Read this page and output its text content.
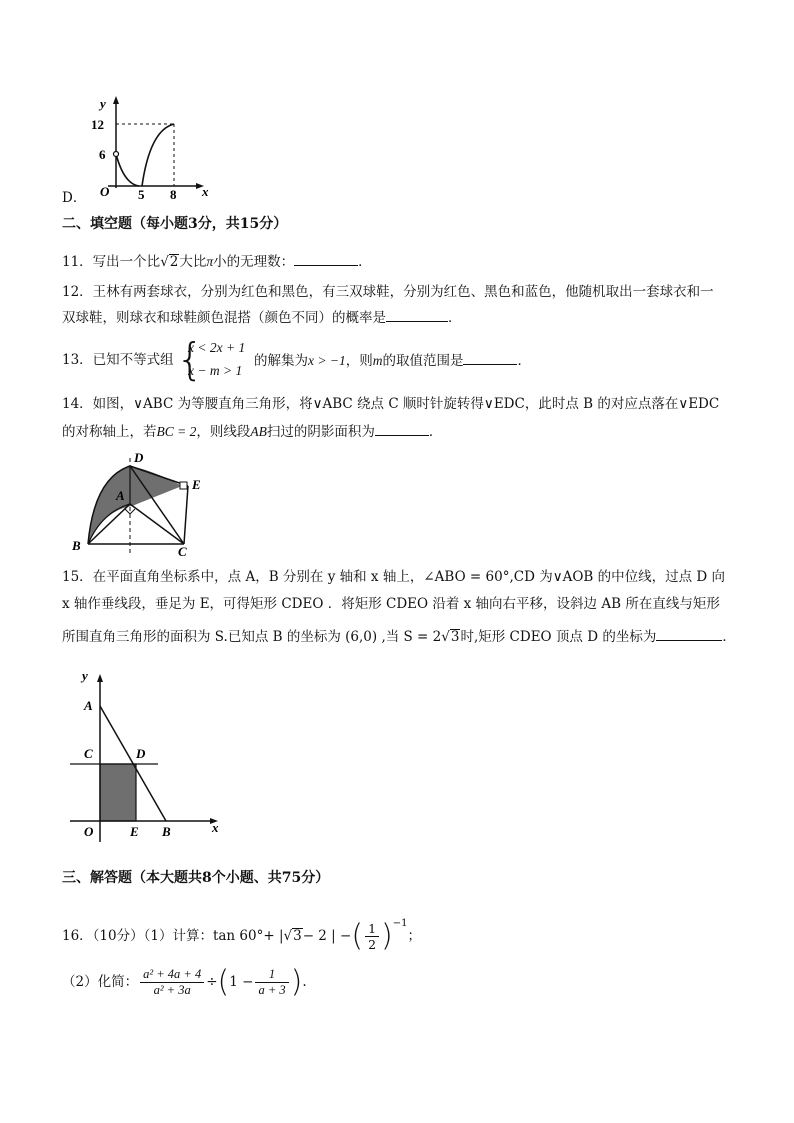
y
12
6
O 5 8 x
D．
二、填空题（每小题3分，共15分）
11．写出一个比√2大比π小的无理数：	．
12．王林有两套球衣，分别为红色和黑色，有三双球鞋，分别为红色、黑色和蓝色，他随机取出一套球衣和一
双球鞋，则球衣和球鞋颜色混搭（颜色不同）的概率是	．
13．已知不等式组 {
x < 2x + 1
x − m > 1
的解集为x > −1，则m的取值范围是	．
14．如图，∨ABC 为等腰直角三角形，将∨ABC 绕点 C 顺时针旋转得∨EDC，此时点 B 的对应点落在∨EDC
的对称轴上，若BC = 2，则线段AB扫过的阴影面积为	．
D
E
A
B	C
15．在平面直角坐标系中，点 A，B 分别在 y 轴和 x 轴上，∠ABO = 60°,CD 为∨AOB 的中位线，过点 D 向
x 轴作垂线段，垂足为 E，可得矩形 CDEO ．将矩形 CDEO 沿着 x 轴向右平移，设斜边 AB 所在直线与矩形
所围直角三角形的面积为 S.已知点 B 的坐标为 (6,0) ,当 S = 2√3时,矩形 CDEO 顶点 D 的坐标为	．
y
A
C	D
O	E B	x
三、解答题（本大题共8个小题、共75分）
16．（10分）（1）计算：tan 60°+ |√3− 2 | −( $\frac{1}{2} )^{-1}$；
（2）化简： $\frac{\text{a² + 4a + 4}}{\text{a² + 3a}} \div(1 - \frac{1}{a + 3}$ ).
